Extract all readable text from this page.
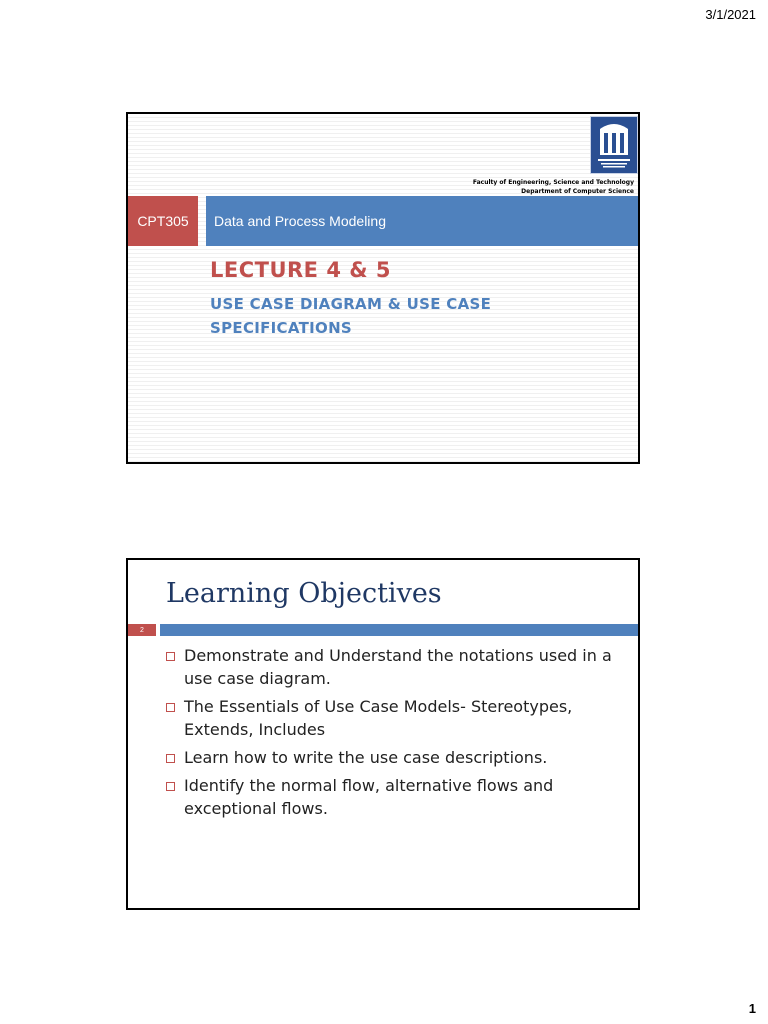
3/1/2021
Faculty of Engineering, Science and Technology
Department of Computer Science
CPT305	Data and Process Modeling
LECTURE 4 & 5
USE CASE DIAGRAM & USE CASE SPECIFICATIONS
Learning Objectives
2
Demonstrate and Understand the notations used in a use case diagram.
The Essentials of Use Case Models- Stereotypes, Extends, Includes
Learn how to write the use case descriptions.
Identify the normal flow, alternative flows and exceptional flows.
1
